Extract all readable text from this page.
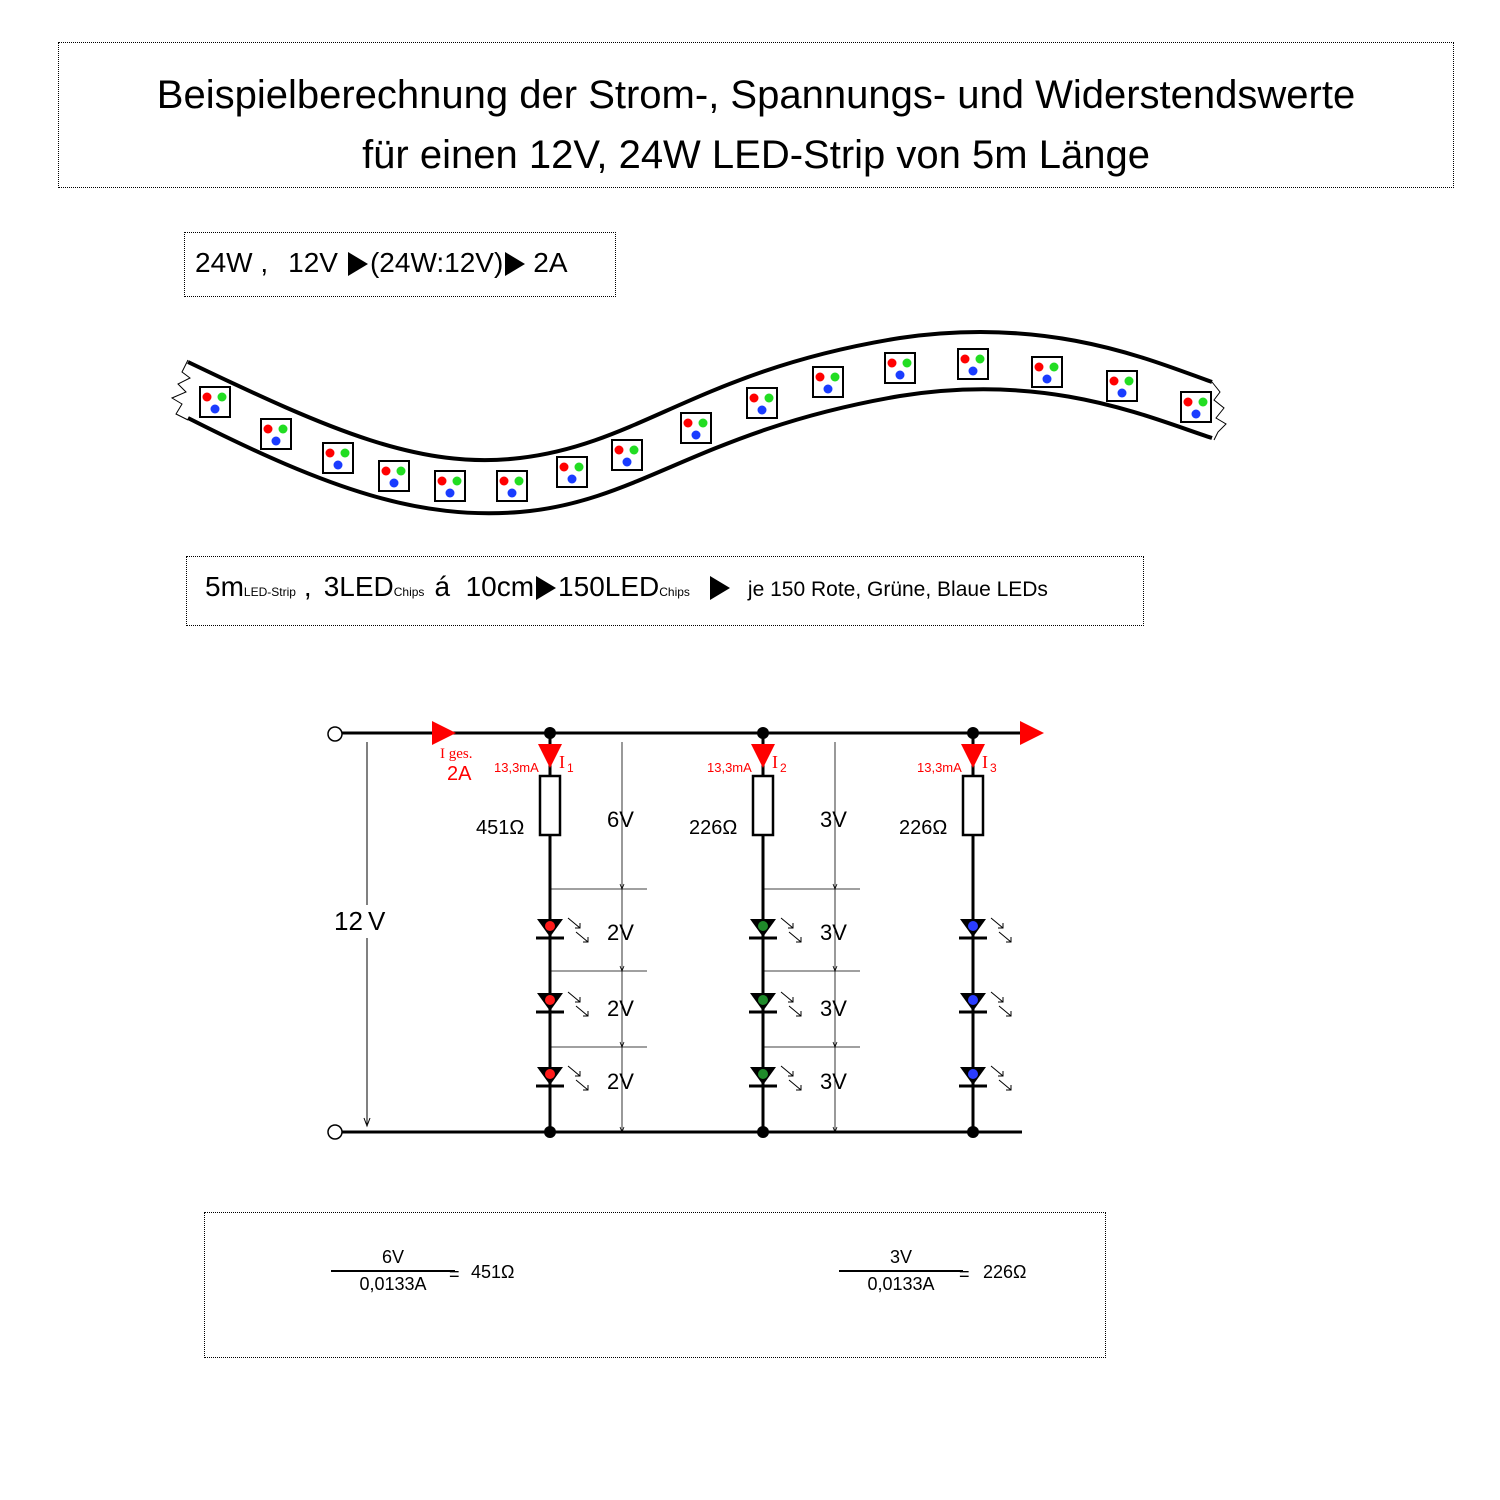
Beispielberechnung der Strom-, Spannungs- und Widerstendswerte
für einen 12V, 24W LED-Strip von 5m Länge
24W , 12V (24W:12V) 2A
5m LED-Strip , 3LED Chips á  10cm 150LED Chips	je 150 Rote, Grüne, Blaue LEDs
12 V
I ges.
2A 13,3mA I 1
451Ω	6V
2V
2V
2V
13,3mA I 2
226Ω	3V
3V
3V
3V
13,3mA I 3
226Ω
$\frac{6V}{0,0133A}$
= 451Ω	$\frac{3V}{0,0133A}$
= 226Ω
